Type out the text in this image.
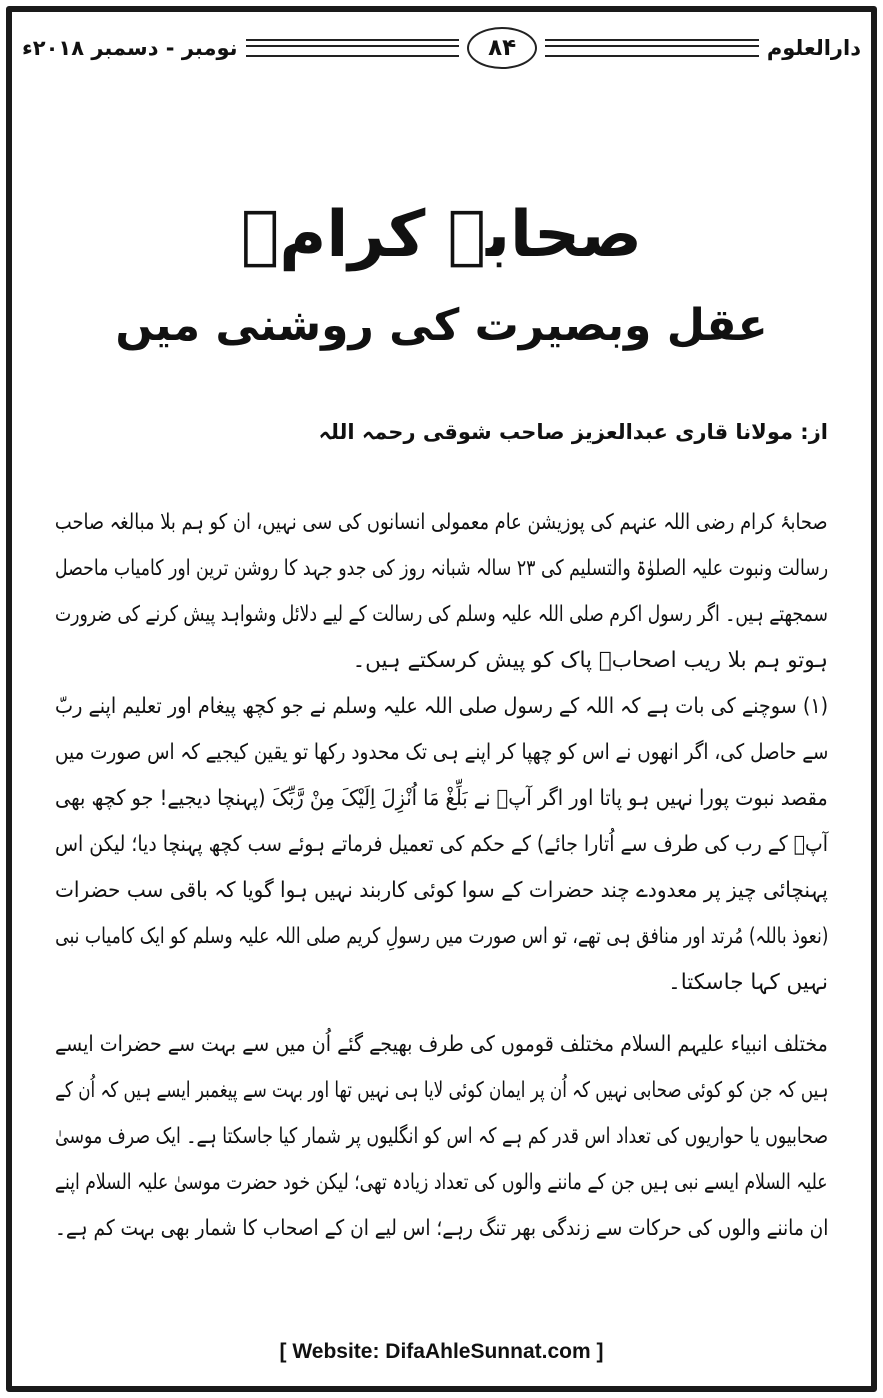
نومبر - دسمبر ۲۰۱۸ء	۸۴	دارالعلوم
صحابۂ کرامؓ
عقل وبصیرت کی روشنی میں
از: مولانا قاری عبدالعزیز صاحب شوقی رحمہ اللہ
صحابۂ کرام رضی اللہ عنہم کی پوزیشن عام معمولی انسانوں کی سی نہیں، ان کو ہم بلا مبالغہ صاحب
رسالت ونبوت علیہ الصلوٰۃ والتسلیم کی ۲۳ سالہ شبانہ روز کی جدو جہد کا روشن ترین اور کامیاب ماحصل
سمجھتے ہیں۔ اگر رسول اکرم صلی اللہ علیہ وسلم کی رسالت کے لیے دلائل وشواہد پیش کرنے کی ضرورت
ہوتو ہم بلا ریب اصحابؓ پاک کو پیش کرسکتے ہیں۔
(۱) سوچنے کی بات ہے کہ اللہ کے رسول صلی اللہ علیہ وسلم نے جو کچھ پیغام اور تعلیم اپنے ربّ
سے حاصل کی، اگر انھوں نے اس کو چھپا کر اپنے ہی تک محدود رکھا تو یقین کیجیے کہ اس صورت میں
مقصد نبوت پورا نہیں ہو پاتا اور اگر آپؐ نے بَلِّغْ مَا اُنْزِلَ اِلَیْکَ مِنْ رَّبِّکَ (پہنچا دیجیے! جو کچھ بھی
آپؐ کے رب کی طرف سے اُتارا جائے) کے حکم کی تعمیل فرماتے ہوئے سب کچھ پہنچا دیا؛ لیکن اس
پہنچائی چیز پر معدودے چند حضرات کے سوا کوئی کاربند نہیں ہوا گویا کہ باقی سب حضرات
(نعوذ باللہ) مُرتد اور منافق ہی تھے، تو اس صورت میں رسولِ کریم صلی اللہ علیہ وسلم کو ایک کامیاب نبی
نہیں کہا جاسکتا۔
مختلف انبیاء علیہم السلام مختلف قوموں کی طرف بھیجے گئے اُن میں سے بہت سے حضرات ایسے
ہیں کہ جن کو کوئی صحابی نہیں کہ اُن پر ایمان کوئی لایا ہی نہیں تھا اور بہت سے پیغمبر ایسے ہیں کہ اُن کے
صحابیوں یا حواریوں کی تعداد اس قدر کم ہے کہ اس کو انگلیوں پر شمار کیا جاسکتا ہے۔ ایک صرف موسیٰ
علیہ السلام ایسے نبی ہیں جن کے ماننے والوں کی تعداد زیادہ تھی؛ لیکن خود حضرت موسیٰ علیہ السلام اپنے
ان ماننے والوں کی حرکات سے زندگی بھر تنگ رہے؛ اس لیے ان کے اصحاب کا شمار بھی بہت کم ہے۔
[ Website: DifaAhleSunnat.com ]
